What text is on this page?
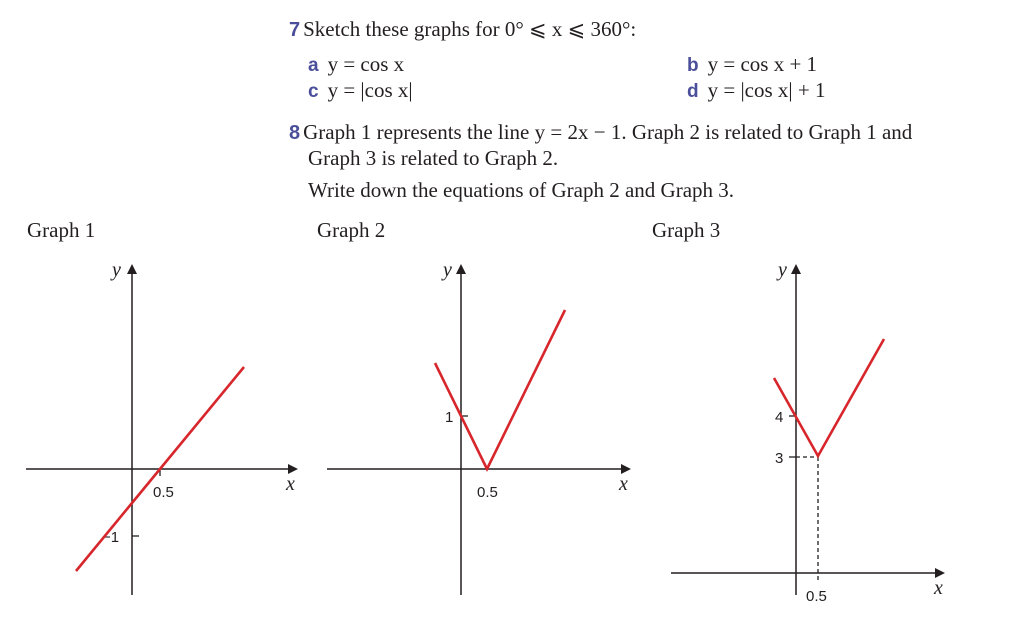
7 Sketch these graphs for 0° ⩽ x ⩽ 360°:
a y = cos x	b y = cos x + 1
c y = |cos x|	d y = |cos x| + 1
8 Graph 1 represents the line y = 2x − 1. Graph 2 is related to Graph 1 and
Graph 3 is related to Graph 2.
Write down the equations of Graph 2 and Graph 3.
Graph 1	Graph 2	Graph 3
y
x
0.5
−1
y
x
1
0.5
y
x
4
3
0.5
